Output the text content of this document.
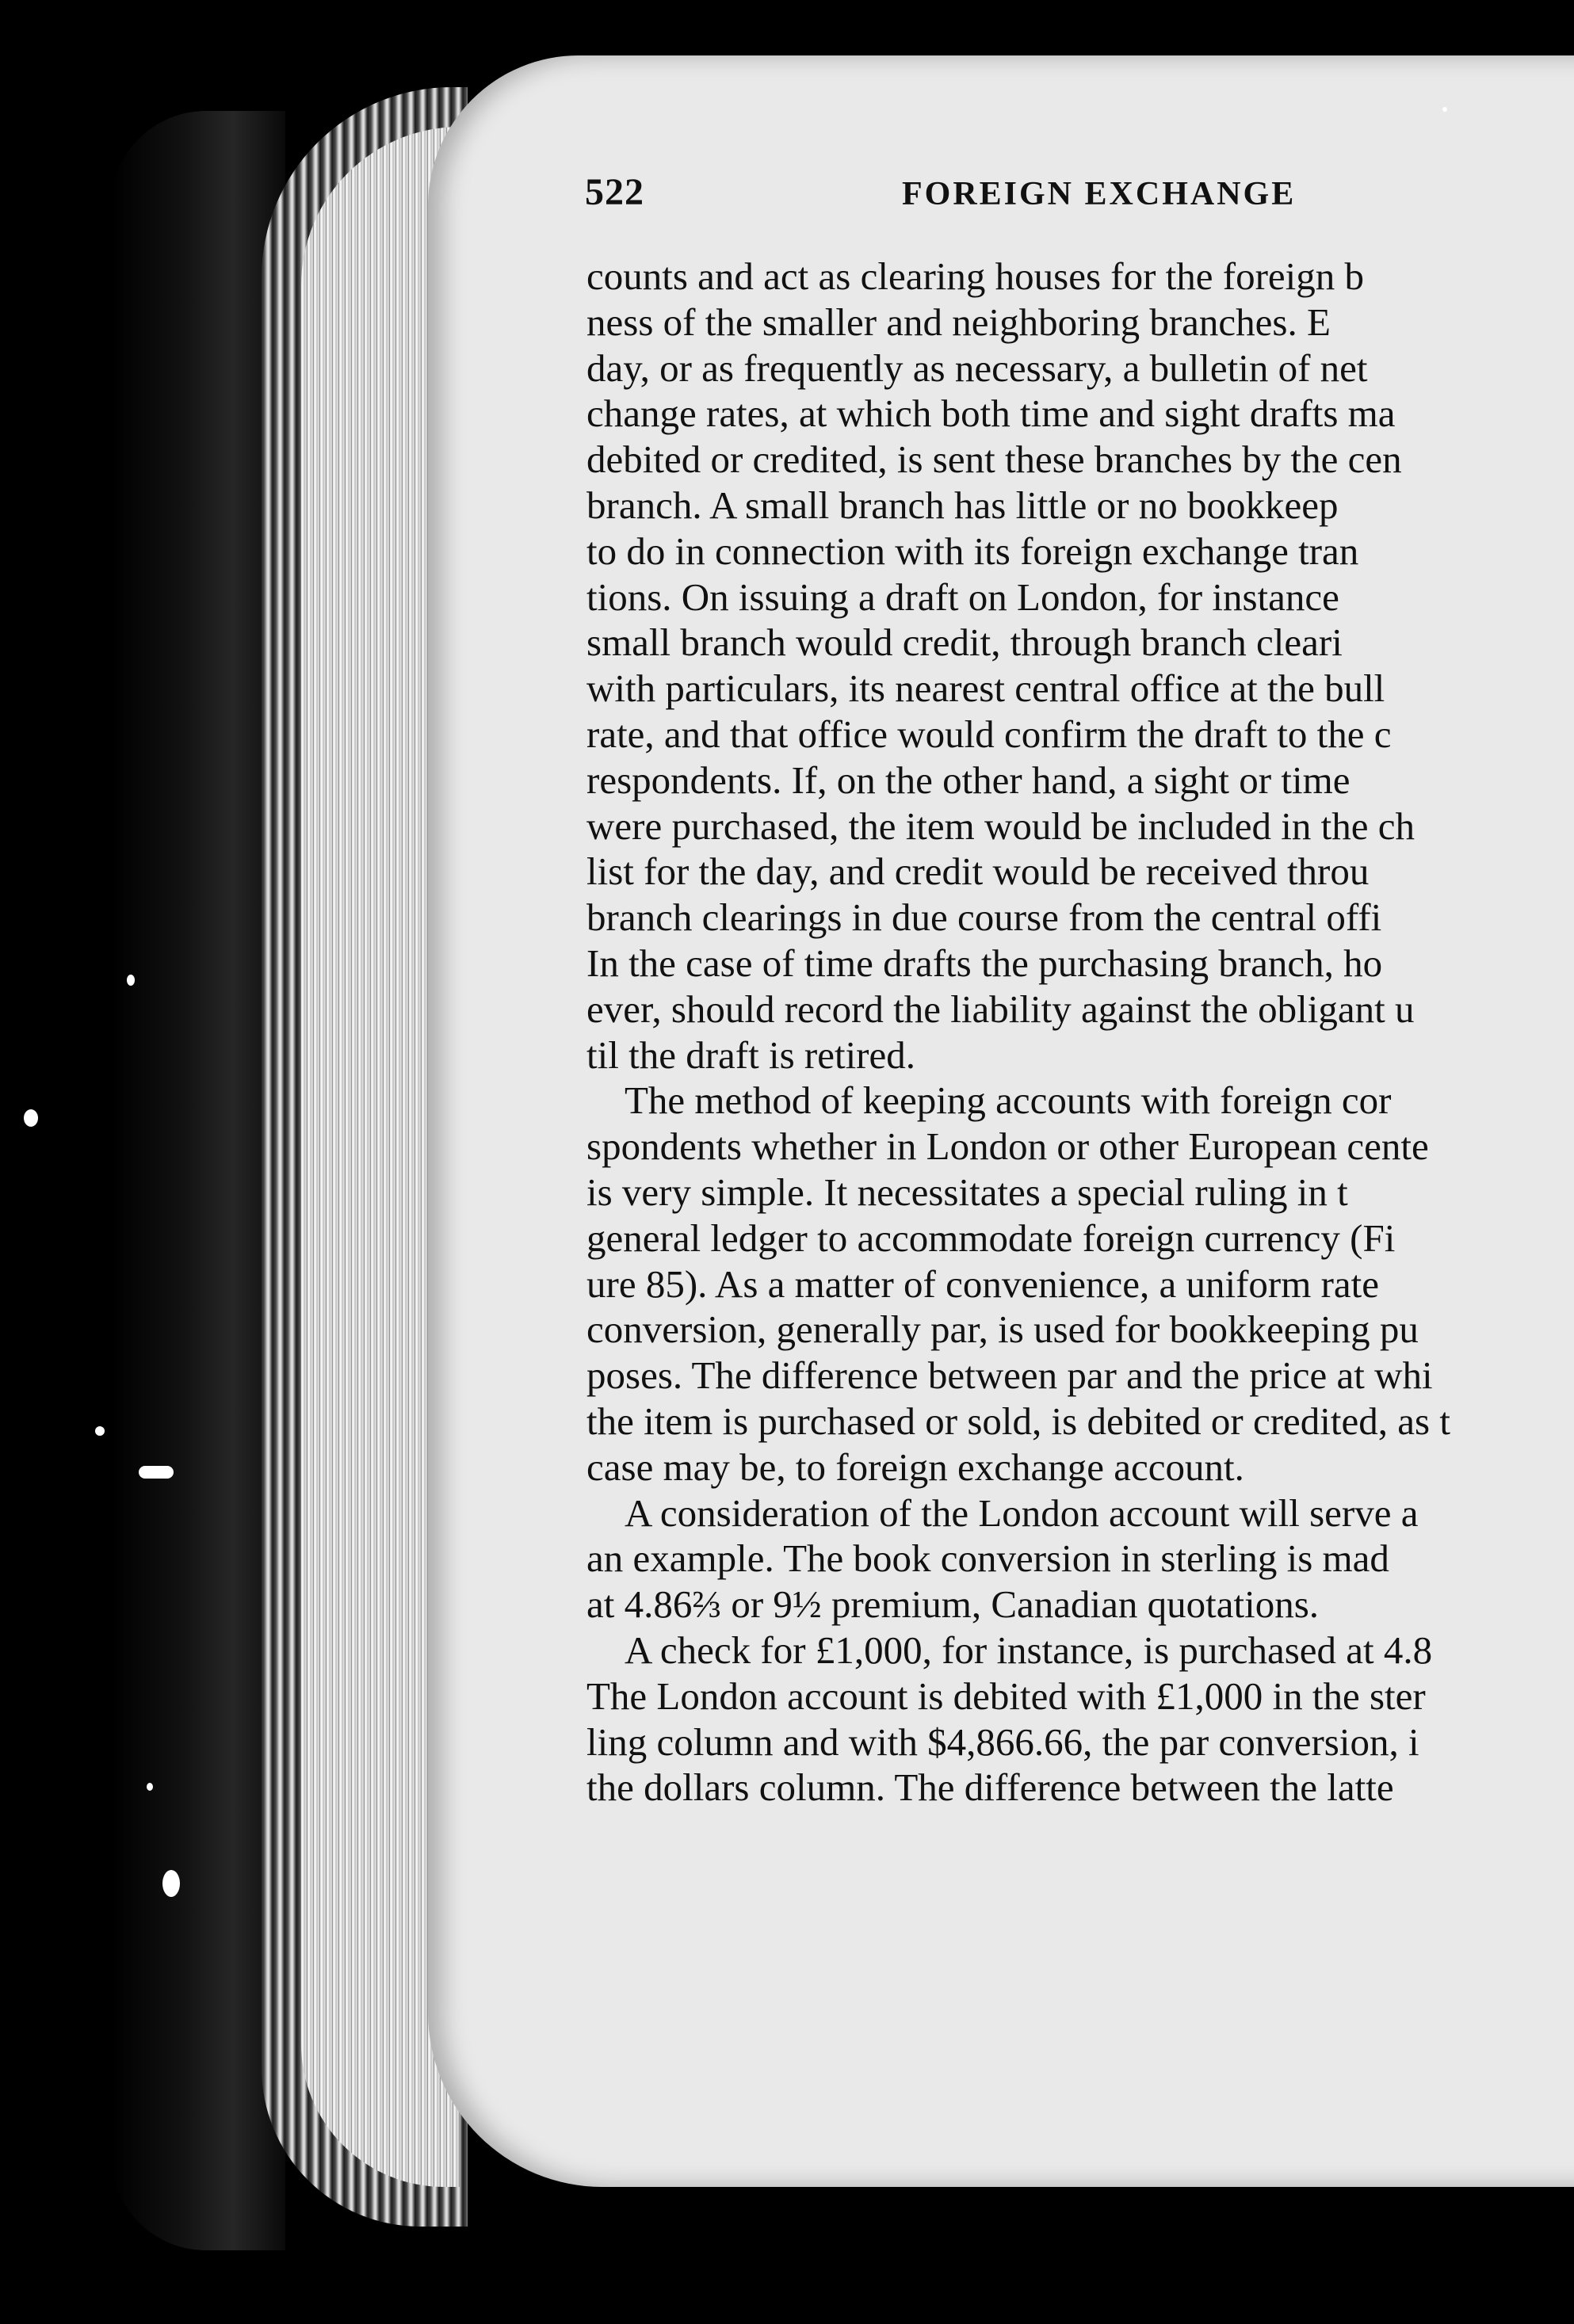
522	FOREIGN EXCHANGE
counts and act as clearing houses for the foreign b
ness of the smaller and neighboring branches. E
day, or as frequently as necessary, a bulletin of net
change rates, at which both time and sight drafts ma
debited or credited, is sent these branches by the cen
branch. A small branch has little or no bookkeep
to do in connection with its foreign exchange tran
tions. On issuing a draft on London, for instance
small branch would credit, through branch cleari
with particulars, its nearest central office at the bull
rate, and that office would confirm the draft to the c
respondents. If, on the other hand, a sight or time
were purchased, the item would be included in the ch
list for the day, and credit would be received throu
branch clearings in due course from the central offi
In the case of time drafts the purchasing branch, ho
ever, should record the liability against the obligant u
til the draft is retired.
The method of keeping accounts with foreign cor
spondents whether in London or other European cente
is very simple. It necessitates a special ruling in t
general ledger to accommodate foreign currency (Fi
ure 85). As a matter of convenience, a uniform rate
conversion, generally par, is used for bookkeeping pu
poses. The difference between par and the price at whi
the item is purchased or sold, is debited or credited, as t
case may be, to foreign exchange account.
A consideration of the London account will serve a
an example. The book conversion in sterling is mad
at 4.86⅔ or 9½ premium, Canadian quotations.
A check for £1,000, for instance, is purchased at 4.8
The London account is debited with £1,000 in the ster
ling column and with $4,866.66, the par conversion, i
the dollars column. The difference between the latte
